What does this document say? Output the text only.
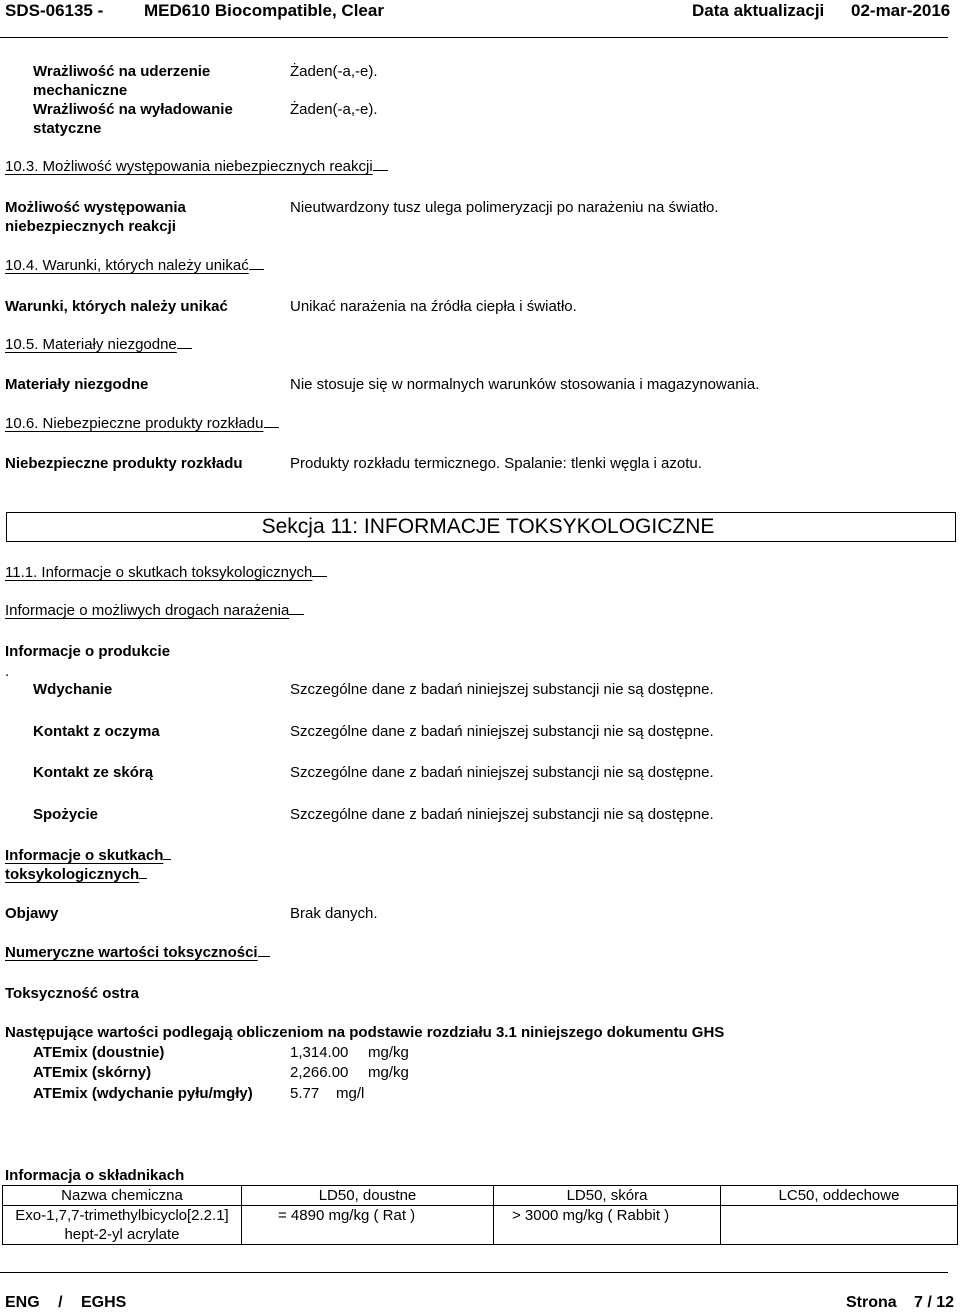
SDS-06135 - MED610 Biocompatible, Clear	Data aktualizacji 02-mar-2016
Wrażliwość na uderzenie mechaniczne
Żaden(-a,-e).
Wrażliwość na wyładowanie statyczne
Żaden(-a,-e).
10.3. Możliwość występowania niebezpiecznych reakcji
Możliwość występowania niebezpiecznych reakcji
Nieutwardzony tusz ulega polimeryzacji po narażeniu na światło.
10.4. Warunki, których należy unikać
Warunki, których należy unikać	Unikać narażenia na źródła ciepła i światło.
10.5. Materiały niezgodne
Materiały niezgodne	Nie stosuje się w normalnych warunków stosowania i magazynowania.
10.6. Niebezpieczne produkty rozkładu
Niebezpieczne produkty rozkładu	Produkty rozkładu termicznego. Spalanie: tlenki węgla i azotu.
Sekcja 11: INFORMACJE TOKSYKOLOGICZNE
11.1. Informacje o skutkach toksykologicznych
Informacje o możliwych drogach narażenia
Informacje o produkcie
.
Wdychanie	Szczególne dane z badań niniejszej substancji nie są dostępne.
Kontakt z oczyma	Szczególne dane z badań niniejszej substancji nie są dostępne.
Kontakt ze skórą	Szczególne dane z badań niniejszej substancji nie są dostępne.
Spożycie	Szczególne dane z badań niniejszej substancji nie są dostępne.
Informacje o skutkach
toksykologicznych
Objawy	Brak danych.
Numeryczne wartości toksyczności
Toksyczność ostra
Następujące wartości podlegają obliczeniom na podstawie rozdziału 3.1 niniejszego dokumentu GHS
ATEmix (doustnie)	1,314.00 mg/kg
ATEmix (skórny)	2,266.00 mg/kg
ATEmix (wdychanie pyłu/mgły) 5.77 mg/l
Informacja o składnikach
Nazwa chemiczna	LD50, doustne	LD50, skóra	LC50, oddechowe
Exo-1,7,7-trimethylbicyclo[2.2.1] hept-2-yl acrylate	= 4890 mg/kg ( Rat )	> 3000 mg/kg ( Rabbit )	
ENG / EGHS	Strona 7 / 12
